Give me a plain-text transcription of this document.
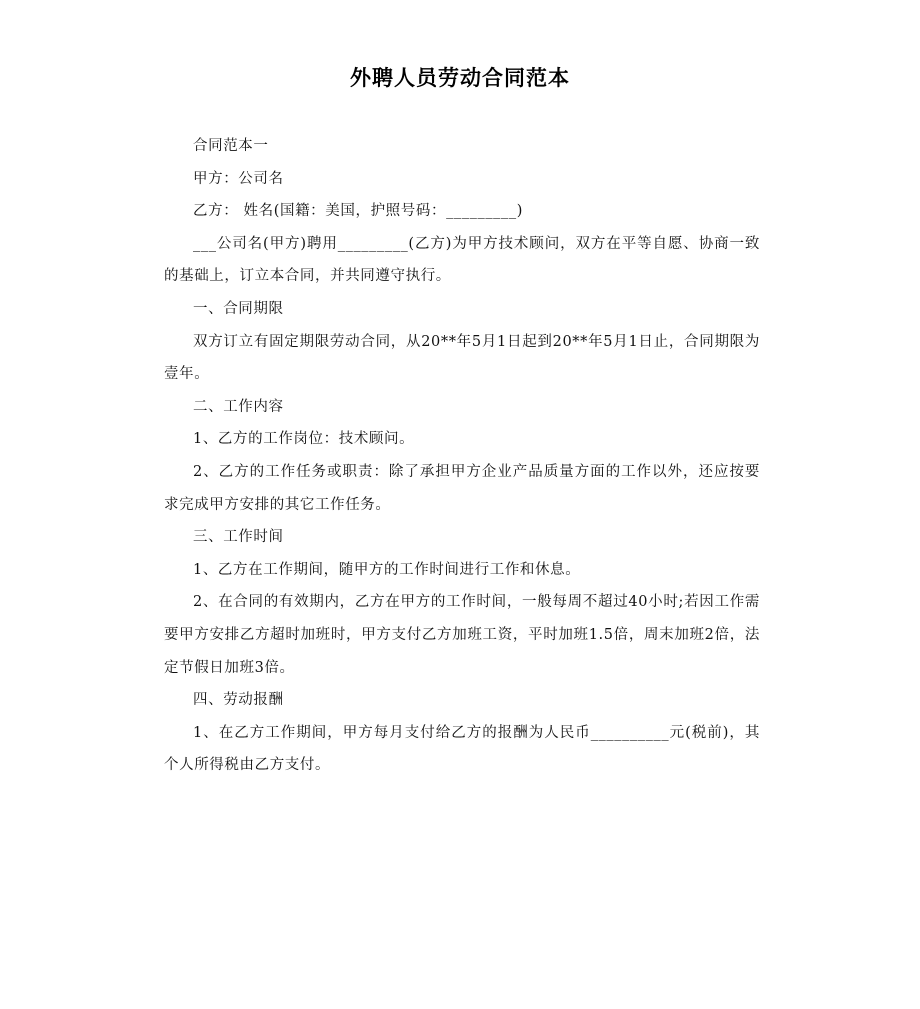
外聘人员劳动合同范本

合同范本一

甲方：公司名

乙方： 姓名(国籍：美国，护照号码：_________)

___公司名(甲方)聘用_________(乙方)为甲方技术顾问，双方在平等自愿、协商一致的基础上，订立本合同，并共同遵守执行。

一、合同期限

双方订立有固定期限劳动合同，从20**年5月1日起到20**年5月1日止，合同期限为壹年。

二、工作内容

1、乙方的工作岗位：技术顾问。

2、乙方的工作任务或职责：除了承担甲方企业产品质量方面的工作以外，还应按要求完成甲方安排的其它工作任务。

三、工作时间

1、乙方在工作期间，随甲方的工作时间进行工作和休息。

2、在合同的有效期内，乙方在甲方的工作时间，一般每周不超过40小时;若因工作需要甲方安排乙方超时加班时，甲方支付乙方加班工资，平时加班1.5倍，周末加班2倍，法定节假日加班3倍。

四、劳动报酬

1、在乙方工作期间，甲方每月支付给乙方的报酬为人民币__________元(税前)，其个人所得税由乙方支付。
